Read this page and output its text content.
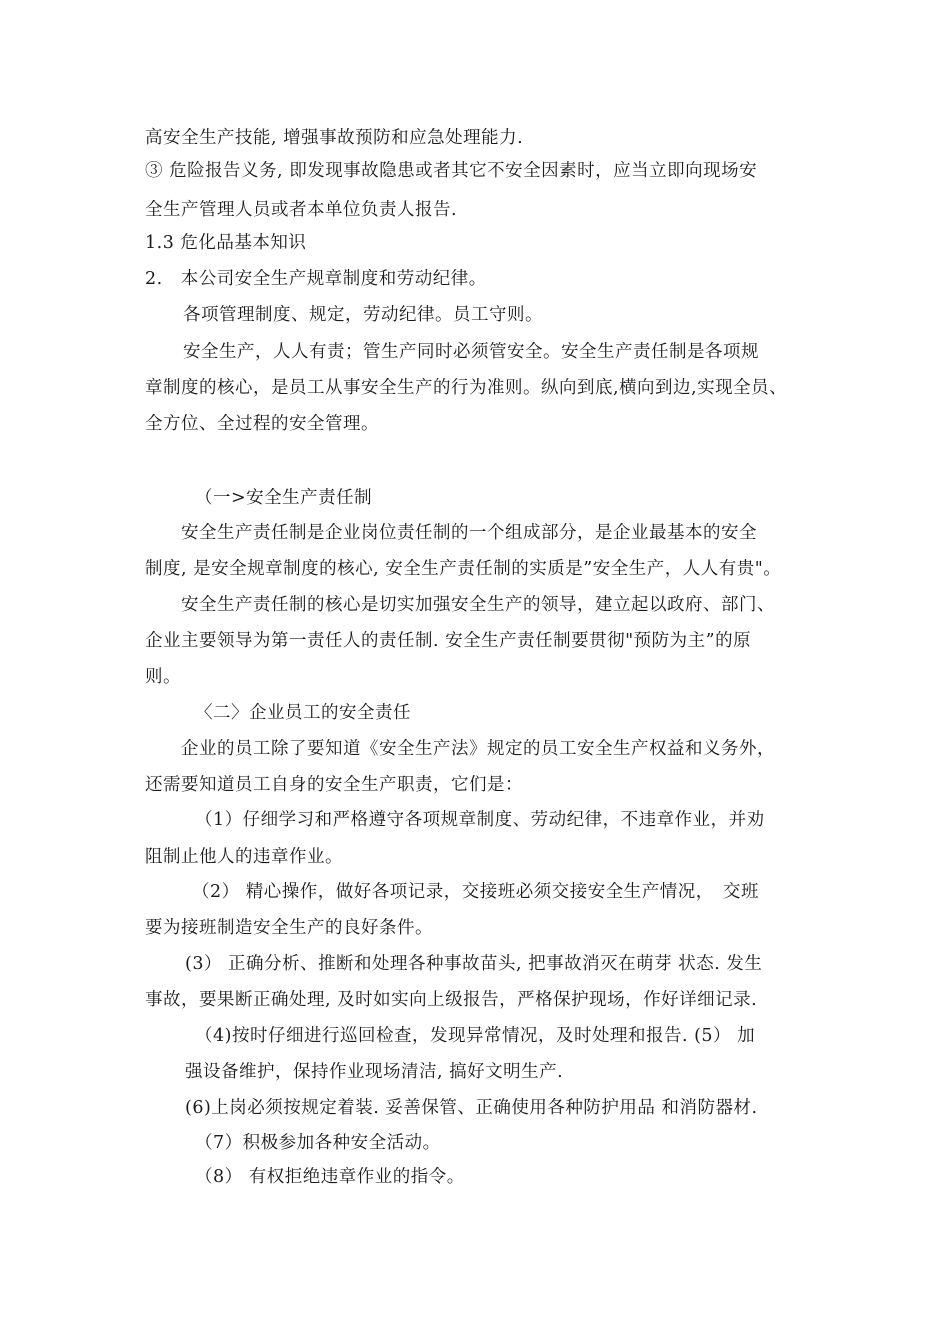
高安全生产技能, 增强事故预防和应急处理能力.
③ 危险报告义务, 即发现事故隐患或者其它不安全因素时，应当立即向现场安
全生产管理人员或者本单位负责人报告.
1.3 危化品基本知识
2.　本公司安全生产规章制度和劳动纪律。
各项管理制度、规定，劳动纪律。员工守则。
安全生产，人人有责；管生产同时必须管安全。安全生产责任制是各项规
章制度的核心，是员工从事安全生产的行为准则。纵向到底,横向到边,实现全员、
全方位、全过程的安全管理。
（一>安全生产责任制
安全生产责任制是企业岗位责任制的一个组成部分，是企业最基本的安全
制度, 是安全规章制度的核心, 安全生产责任制的实质是”安全生产，人人有贵"。
安全生产责任制的核心是切实加强安全生产的领导，建立起以政府、部门、
企业主要领导为第一责任人的责任制. 安全生产责任制要贯彻"预防为主”的原
则。
〈二〉企业员工的安全责任
企业的员工除了要知道《安全生产法》规定的员工安全生产权益和义务外，
还需要知道员工自身的安全生产职责，它们是：
（1）仔细学习和严格遵守各项规章制度、劳动纪律，不违章作业，并劝
阻制止他人的违章作业。
（2） 精心操作，做好各项记录，交接班必须交接安全生产情况，　交班
要为接班制造安全生产的良好条件。
(3） 正确分析、推断和处理各种事故苗头, 把事故消灭在萌芽 状态. 发生
事故，要果断正确处理, 及时如实向上级报告，严格保护现场，作好详细记录.
（4)按时仔细进行巡回检查，发现异常情况，及时处理和报告. (5） 加
强设备维护，保持作业现场清洁, 搞好文明生产.
(6)上岗必须按规定着装. 妥善保管、正确使用各种防护用品 和消防器材.
（7）积极参加各种安全活动。
（8） 有权拒绝违章作业的指令。
